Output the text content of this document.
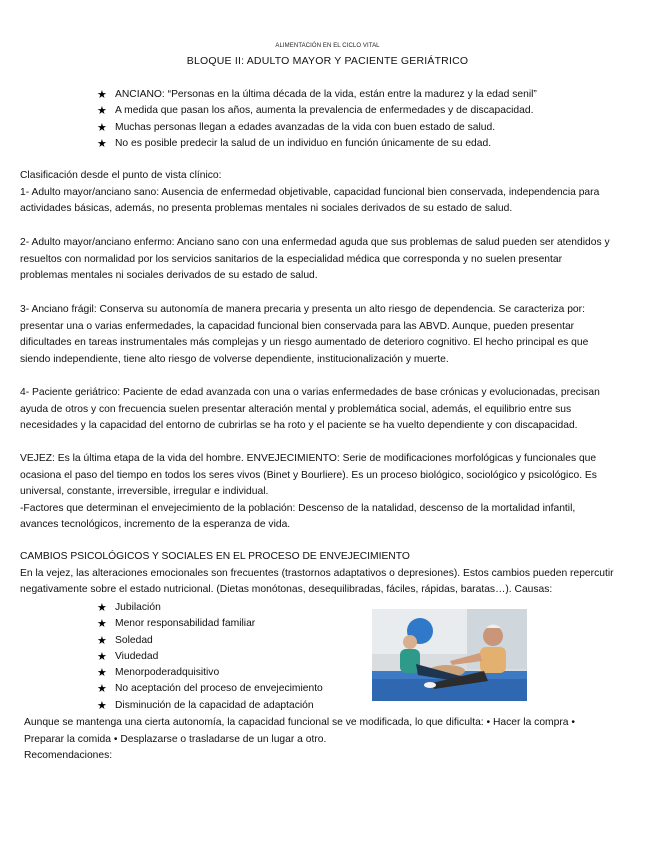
ALIMENTACIÓN EN EL CICLO VITAL
BLOQUE II: ADULTO MAYOR Y PACIENTE GERIÁTRICO
★ ANCIANO: “Personas en la última década de la vida, están entre la madurez y la edad senil”
★ A medida que pasan los años, aumenta la prevalencia de enfermedades y de discapacidad.
★ Muchas personas llegan a edades avanzadas de la vida con buen estado de salud.
★ No es posible predecir la salud de un individuo en función únicamente de su edad.
Clasificación desde el punto de vista clínico:
1- Adulto mayor/anciano sano: Ausencia de enfermedad objetivable, capacidad funcional bien conservada, independencia para
actividades básicas, además, no presenta problemas mentales ni sociales derivados de su estado de salud.
2- Adulto mayor/anciano enfermo: Anciano sano con una enfermedad aguda que sus problemas de salud pueden ser atendidos y
resueltos con normalidad por los servicios sanitarios de la especialidad médica que corresponda y no suelen presentar
problemas mentales ni sociales derivados de su estado de salud.
3- Anciano frágil: Conserva su autonomía de manera precaria y presenta un alto riesgo de dependencia. Se caracteriza por:
presentar una o varias enfermedades, la capacidad funcional bien conservada para las ABVD. Aunque, pueden presentar
dificultades en tareas instrumentales más complejas y un riesgo aumentado de deterioro cognitivo. El hecho principal es que
siendo independiente, tiene alto riesgo de volverse dependiente, institucionalización y muerte.
4- Paciente geriátrico: Paciente de edad avanzada con una o varias enfermedades de base crónicas y evolucionadas, precisan
ayuda de otros y con frecuencia suelen presentar alteración mental y problemática social, además, el equilibrio entre sus
necesidades y la capacidad del entorno de cubrirlas se ha roto y el paciente se ha vuelto dependiente y con discapacidad.
VEJEZ: Es la última etapa de la vida del hombre. ENVEJECIMIENTO: Serie de modificaciones morfológicas y funcionales que
ocasiona el paso del tiempo en todos los seres vivos (Binet y Bourliere). Es un proceso biológico, sociológico y psicológico. Es
universal, constante, irreversible, irregular e individual.
-Factores que determinan el envejecimiento de la población: Descenso de la natalidad, descenso de la mortalidad infantil,
avances tecnológicos, incremento de la esperanza de vida.
CAMBIOS PSICOLÓGICOS Y SOCIALES EN EL PROCESO DE ENVEJECIMIENTO
En la vejez, las alteraciones emocionales son frecuentes (trastornos adaptativos o depresiones). Estos cambios pueden repercutir
negativamente sobre el estado nutricional. (Dietas monótonas, desequilibradas, fáciles, rápidas, baratas…). Causas:
★ Jubilación
★ Menor responsabilidad familiar
★ Soledad
★ Viudedad
★ Menorpoderadquisitivo
★ No aceptación del proceso de envejecimiento
★ Disminución de la capacidad de adaptación
Aunque se mantenga una cierta autonomía, la capacidad funcional se ve modificada, lo que dificulta: • Hacer la compra •
Preparar la comida • Desplazarse o trasladarse de un lugar a otro.
Recomendaciones:
